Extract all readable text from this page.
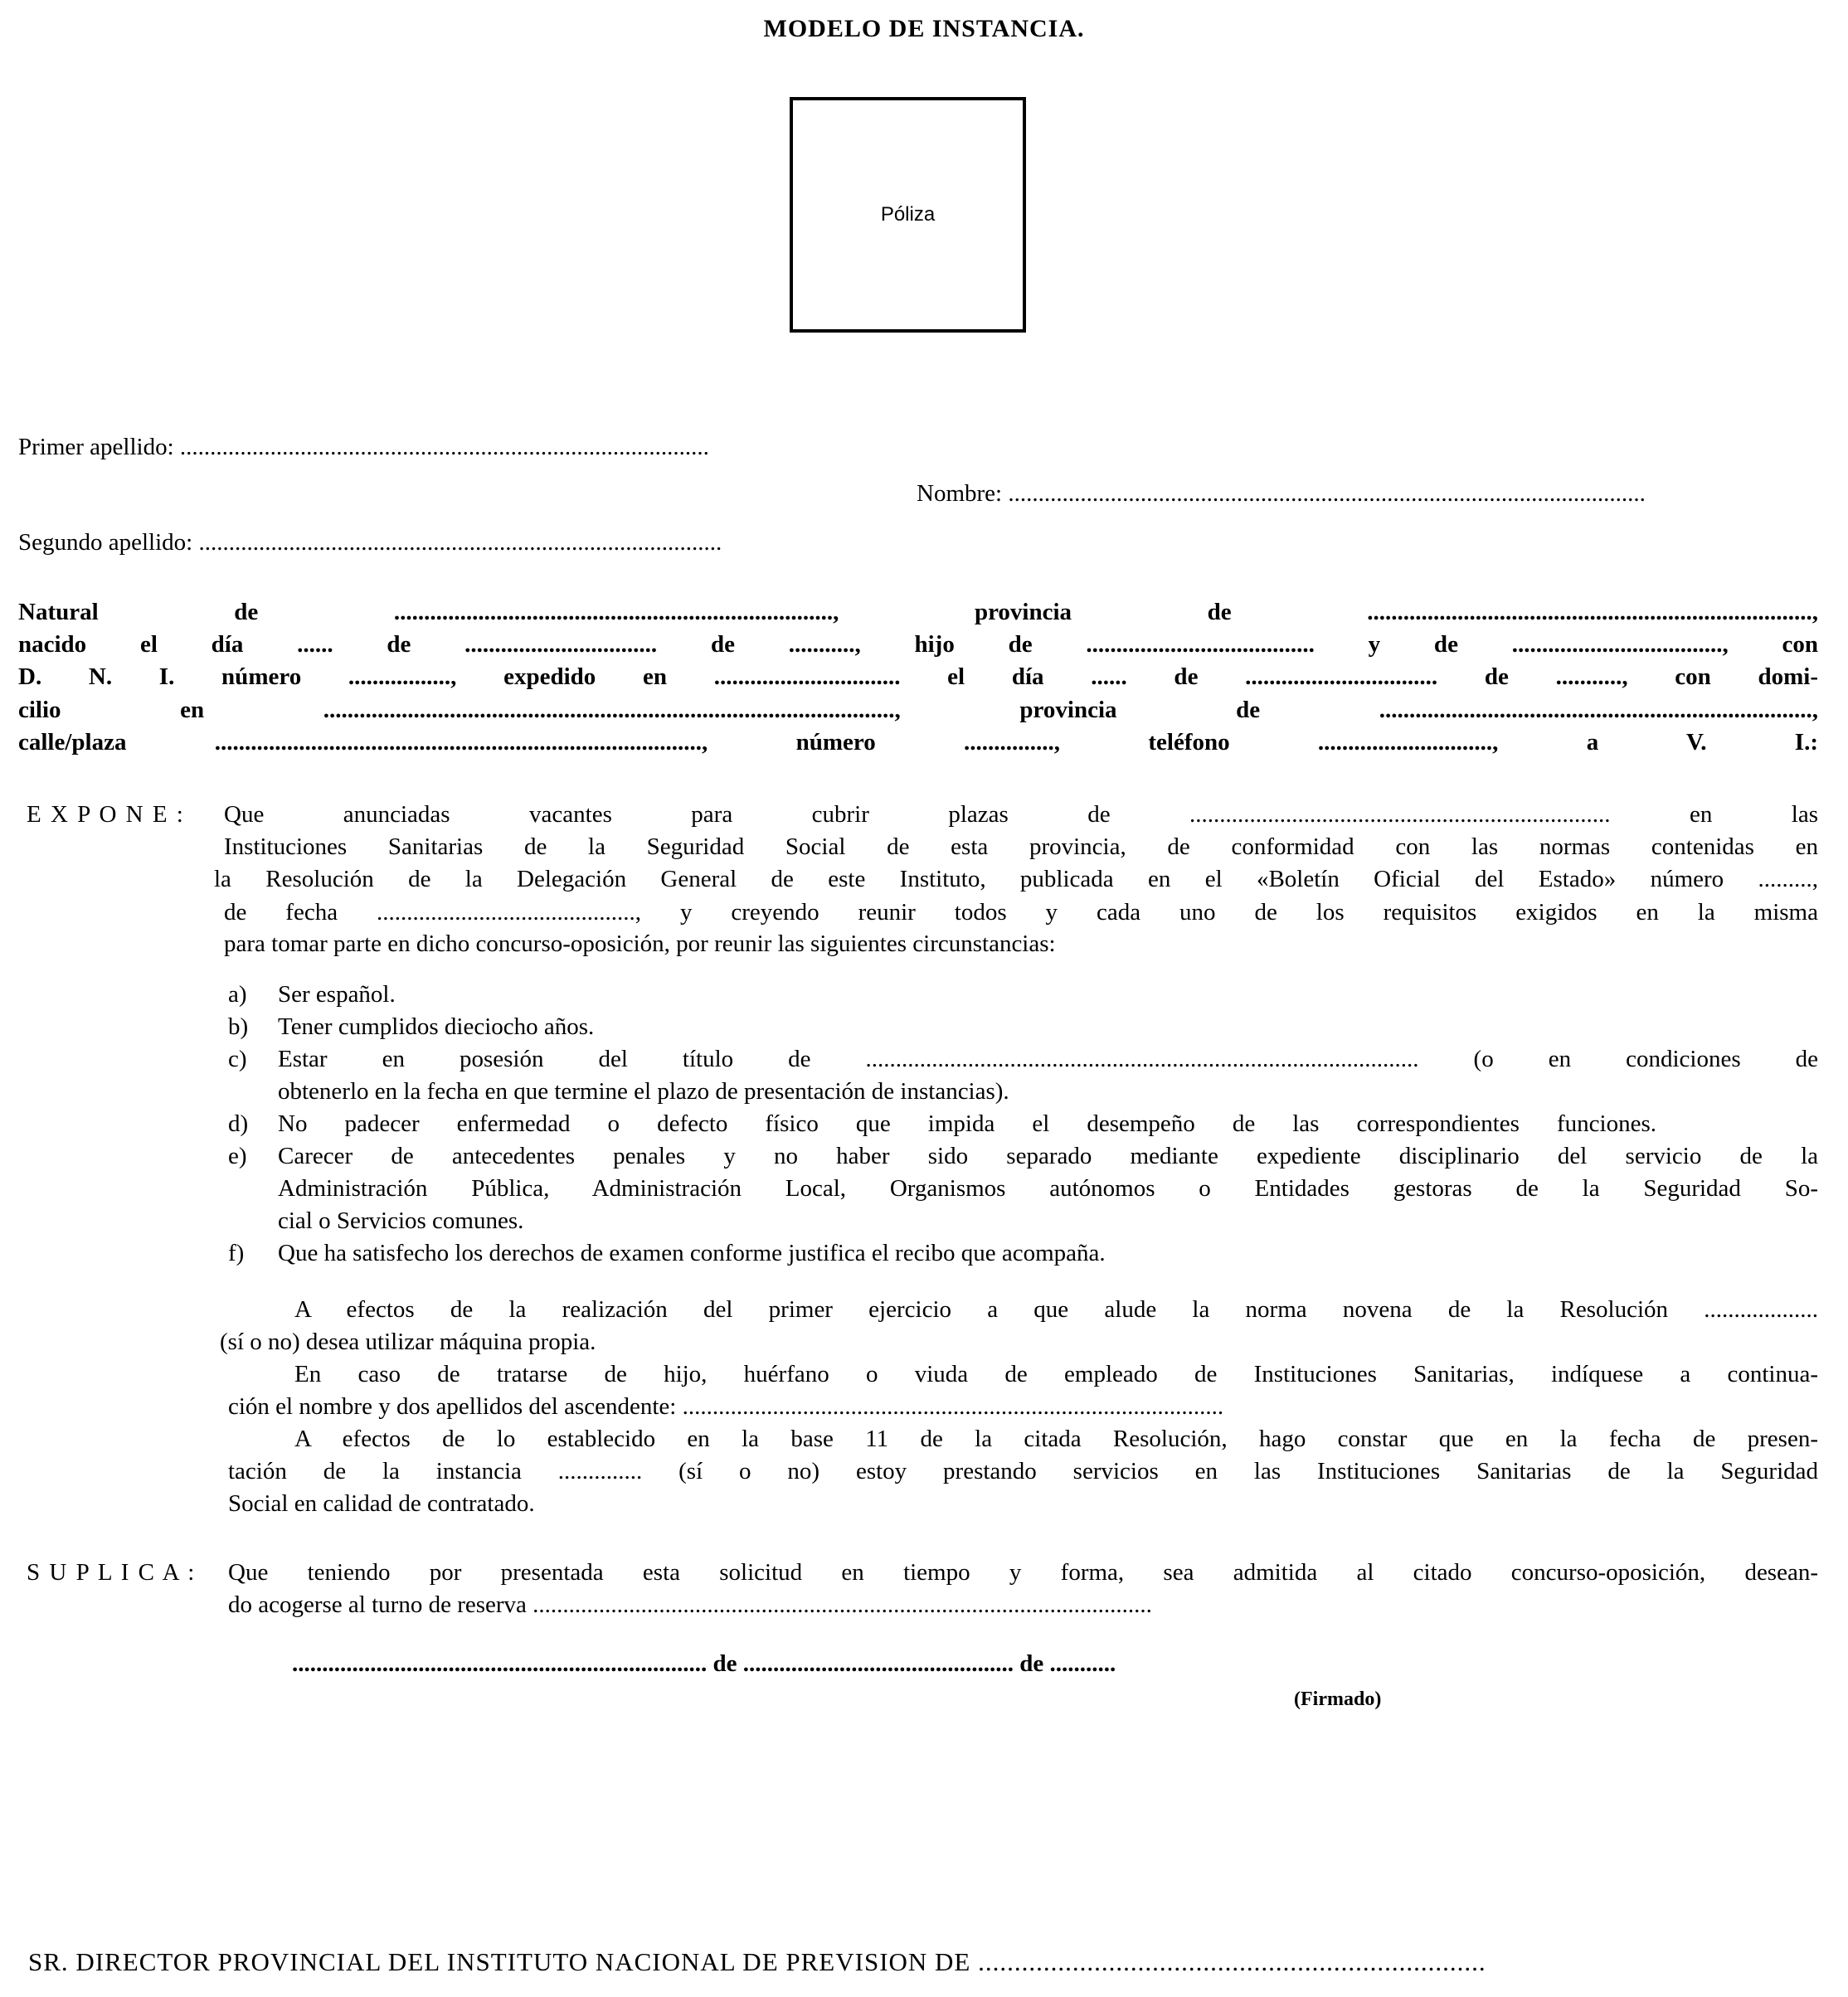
MODELO DE INSTANCIA.
Póliza
Primer apellido: ........................................................................................
Nombre: ..........................................................................................................
Segundo apellido: .......................................................................................
Natural de ........................................................................., provincia de ..........................................................................,
nacido el día ...... de ................................ de ..........., hijo de ...................................... y de ..................................., con
D. N. I. número ................., expedido en ............................... el día ...... de ................................ de ..........., con domi-
cilio en ..............................................................................................., provincia de ........................................................................,
calle/plaza ................................................................................., número ..............., teléfono ............................., a V. I.:
E X P O N E : Que anunciadas vacantes para cubrir plazas de ...................................................................... en las
Instituciones Sanitarias de la Seguridad Social de esta provincia, de conformidad con las normas contenidas en
la Resolución de la Delegación General de este Instituto, publicada en el «Boletín Oficial del Estado» número .........,
de fecha ..........................................., y creyendo reunir todos y cada uno de los requisitos exigidos en la misma
para tomar parte en dicho concurso-oposición, por reunir las siguientes circunstancias:
a) Ser español.
b) Tener cumplidos dieciocho años.
c) Estar en posesión del título de ............................................................................................ (o en condiciones de
obtenerlo en la fecha en que termine el plazo de presentación de instancias).
d) No padecer enfermedad o defecto físico que impida el desempeño de las correspondientes funciones.
e) Carecer de antecedentes penales y no haber sido separado mediante expediente disciplinario del servicio de la
Administración Pública, Administración Local, Organismos autónomos o Entidades gestoras de la Seguridad So-
cial o Servicios comunes.
f) Que ha satisfecho los derechos de examen conforme justifica el recibo que acompaña.
A efectos de la realización del primer ejercicio a que alude la norma novena de la Resolución ...................
(sí o no) desea utilizar máquina propia.
En caso de tratarse de hijo, huérfano o viuda de empleado de Instituciones Sanitarias, indíquese a continua-
ción el nombre y dos apellidos del ascendente: ..........................................................................................
A efectos de lo establecido en la base 11 de la citada Resolución, hago constar que en la fecha de presen-
tación de la instancia .............. (sí o no) estoy prestando servicios en las Instituciones Sanitarias de la Seguridad
Social en calidad de contratado.
S U P L I C A : Que teniendo por presentada esta solicitud en tiempo y forma, sea admitida al citado concurso-oposición, desean-
do acogerse al turno de reserva .......................................................................................................
..................................................................... de ............................................. de ...........
(Firmado)
SR. DIRECTOR PROVINCIAL DEL INSTITUTO NACIONAL DE PREVISION DE ......................................................................
